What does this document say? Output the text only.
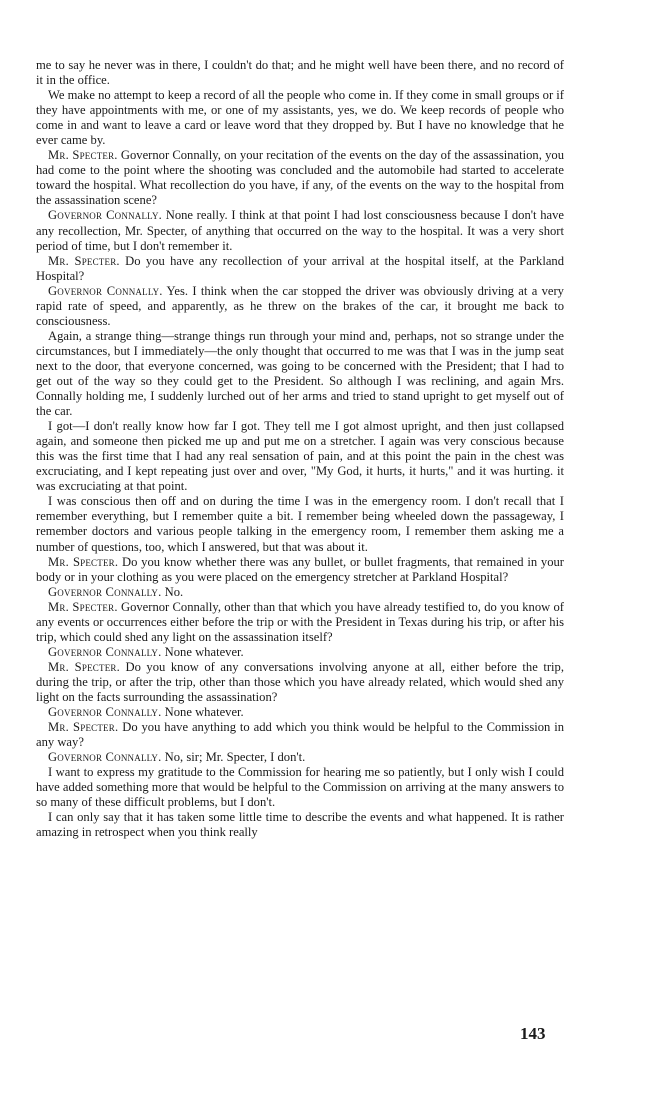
me to say he never was in there, I couldn't do that; and he might well have been there, and no record of it in the office.

We make no attempt to keep a record of all the people who come in. If they come in small groups or if they have appointments with me, or one of my assistants, yes, we do. We keep records of people who come in and want to leave a card or leave word that they dropped by. But I have no knowledge that he ever came by.

Mr. Specter. Governor Connally, on your recitation of the events on the day of the assassination, you had come to the point where the shooting was concluded and the automobile had started to accelerate toward the hospital. What recollection do you have, if any, of the events on the way to the hospital from the assassination scene?

Governor Connally. None really. I think at that point I had lost consciousness because I don't have any recollection, Mr. Specter, of anything that occurred on the way to the hospital. It was a very short period of time, but I don't remember it.

Mr. Specter. Do you have any recollection of your arrival at the hospital itself, at the Parkland Hospital?

Governor Connally. Yes. I think when the car stopped the driver was obviously driving at a very rapid rate of speed, and apparently, as he threw on the brakes of the car, it brought me back to consciousness.

Again, a strange thing—strange things run through your mind and, perhaps, not so strange under the circumstances, but I immediately—the only thought that occurred to me was that I was in the jump seat next to the door, that everyone concerned, was going to be concerned with the President; that I had to get out of the way so they could get to the President. So although I was reclining, and again Mrs. Connally holding me, I suddenly lurched out of her arms and tried to stand upright to get myself out of the car.

I got—I don't really know how far I got. They tell me I got almost upright, and then just collapsed again, and someone then picked me up and put me on a stretcher. I again was very conscious because this was the first time that I had any real sensation of pain, and at this point the pain in the chest was excruciating, and I kept repeating just over and over, "My God, it hurts, it hurts," and it was hurting. it was excruciating at that point.

I was conscious then off and on during the time I was in the emergency room. I don't recall that I remember everything, but I remember quite a bit. I remember being wheeled down the passageway, I remember doctors and various people talking in the emergency room, I remember them asking me a number of questions, too, which I answered, but that was about it.

Mr. Specter. Do you know whether there was any bullet, or bullet fragments, that remained in your body or in your clothing as you were placed on the emergency stretcher at Parkland Hospital?

Governor Connally. No.

Mr. Specter. Governor Connally, other than that which you have already testified to, do you know of any events or occurrences either before the trip or with the President in Texas during his trip, or after his trip, which could shed any light on the assassination itself?

Governor Connally. None whatever.

Mr. Specter. Do you know of any conversations involving anyone at all, either before the trip, during the trip, or after the trip, other than those which you have already related, which would shed any light on the facts surrounding the assassination?

Governor Connally. None whatever.

Mr. Specter. Do you have anything to add which you think would be helpful to the Commission in any way?

Governor Connally. No, sir; Mr. Specter, I don't.

I want to express my gratitude to the Commission for hearing me so patiently, but I only wish I could have added something more that would be helpful to the Commission on arriving at the many answers to so many of these difficult problems, but I don't.

I can only say that it has taken some little time to describe the events and what happened. It is rather amazing in retrospect when you think really

143
